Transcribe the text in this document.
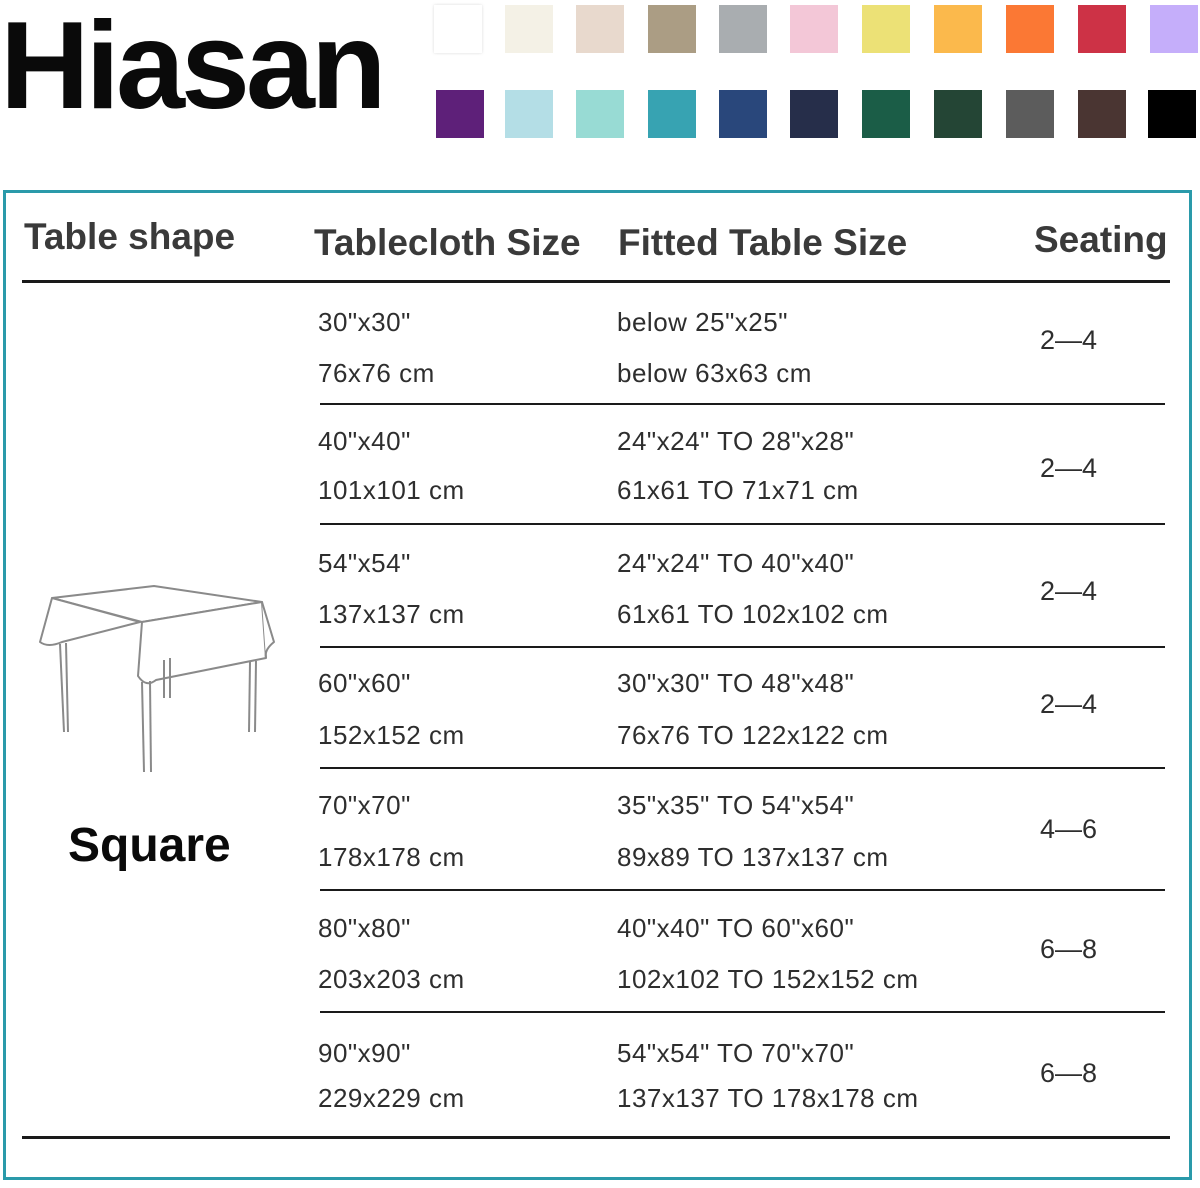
Hiasan
Table shape Tablecloth Size Fitted Table Size	Seating
Square
30"x30"
76x76 cm
below 25"x25"
below 63x63 cm
2—4
40"x40"
101x101 cm
24"x24" TO 28"x28"
61x61 TO 71x71 cm
2—4
54"x54"
137x137 cm
24"x24" TO 40"x40"
61x61 TO 102x102 cm
2—4
60"x60"
152x152 cm
30"x30" TO 48"x48"
76x76 TO 122x122 cm
2—4
70"x70"
178x178 cm
35"x35" TO 54"x54"
89x89 TO 137x137 cm
4—6
80"x80"
203x203 cm
40"x40" TO 60"x60"
102x102 TO 152x152 cm
6—8
90"x90"
229x229 cm
54"x54" TO 70"x70"
137x137 TO 178x178 cm
6—8
